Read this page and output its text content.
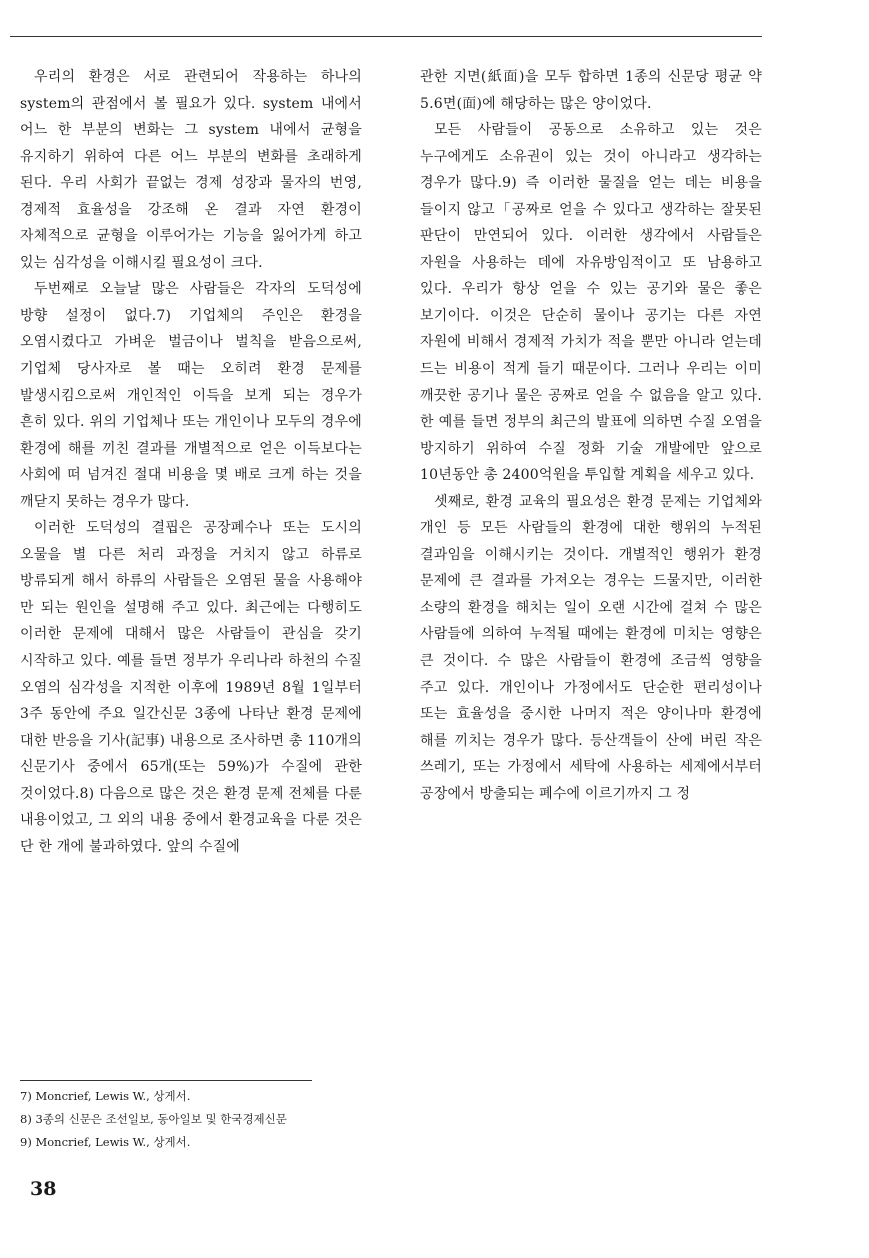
우리의 환경은 서로 관련되어 작용하는 하나의 system의 관점에서 볼 필요가 있다. system 내에서 어느 한 부분의 변화는 그 system 내에서 균형을 유지하기 위하여 다른 어느 부분의 변화를 초래하게 된다. 우리 사회가 끝없는 경제 성장과 물자의 번영, 경제적 효율성을 강조해 온 결과 자연 환경이 자체적으로 균형을 이루어가는 기능을 잃어가게 하고 있는 심각성을 이해시킬 필요성이 크다.

두번째로 오늘날 많은 사람들은 각자의 도덕성에 방향 설정이 없다.7) 기업체의 주인은 환경을 오염시켰다고 가벼운 벌금이나 벌칙을 받음으로써, 기업체 당사자로 볼 때는 오히려 환경 문제를 발생시킴으로써 개인적인 이득을 보게 되는 경우가 흔히 있다. 위의 기업체나 또는 개인이나 모두의 경우에 환경에 해를 끼친 결과를 개별적으로 얻은 이득보다는 사회에 떠 넘겨진 절대 비용을 몇 배로 크게 하는 것을 깨닫지 못하는 경우가 많다.

이러한 도덕성의 결핍은 공장폐수나 또는 도시의 오물을 별 다른 처리 과정을 거치지 않고 하류로 방류되게 해서 하류의 사람들은 오염된 물을 사용해야 만 되는 원인을 설명해 주고 있다. 최근에는 다행히도 이러한 문제에 대해서 많은 사람들이 관심을 갖기 시작하고 있다. 예를 들면 정부가 우리나라 하천의 수질 오염의 심각성을 지적한 이후에 1989년 8월 1일부터 3주 동안에 주요 일간신문 3종에 나타난 환경 문제에 대한 반응을 기사(記事) 내용으로 조사하면 총 110개의 신문기사 중에서 65개(또는 59%)가 수질에 관한 것이었다.8) 다음으로 많은 것은 환경 문제 전체를 다룬 내용이었고, 그 외의 내용 중에서 환경교육을 다룬 것은 단 한 개에 불과하였다. 앞의 수질에

관한 지면(紙面)을 모두 합하면 1종의 신문당 평균 약 5.6면(面)에 해당하는 많은 양이었다.

모든 사람들이 공동으로 소유하고 있는 것은 누구에게도 소유권이 있는 것이 아니라고 생각하는 경우가 많다.9) 즉 이러한 물질을 얻는 데는 비용을 들이지 않고「공짜로 얻을 수 있다고 생각하는 잘못된 판단이 만연되어 있다. 이러한 생각에서 사람들은 자원을 사용하는 데에 자유방임적이고 또 남용하고 있다. 우리가 항상 얻을 수 있는 공기와 물은 좋은 보기이다. 이것은 단순히 물이나 공기는 다른 자연 자원에 비해서 경제적 가치가 적을 뿐만 아니라 얻는데 드는 비용이 적게 들기 때문이다. 그러나 우리는 이미 깨끗한 공기나 물은 공짜로 얻을 수 없음을 알고 있다. 한 예를 들면 정부의 최근의 발표에 의하면 수질 오염을 방지하기 위하여 수질 정화 기술 개발에만 앞으로 10년동안 총 2400억원을 투입할 계획을 세우고 있다.

셋째로, 환경 교육의 필요성은 환경 문제는 기업체와 개인 등 모든 사람들의 환경에 대한 행위의 누적된 결과임을 이해시키는 것이다. 개별적인 행위가 환경 문제에 큰 결과를 가져오는 경우는 드물지만, 이러한 소량의 환경을 해치는 일이 오랜 시간에 걸쳐 수 많은 사람들에 의하여 누적될 때에는 환경에 미치는 영향은 큰 것이다. 수 많은 사람들이 환경에 조금씩 영향을 주고 있다. 개인이나 가정에서도 단순한 편리성이나 또는 효율성을 중시한 나머지 적은 양이나마 환경에 해를 끼치는 경우가 많다. 등산객들이 산에 버린 작은 쓰레기, 또는 가정에서 세탁에 사용하는 세제에서부터 공장에서 방출되는 폐수에 이르기까지 그 정

7) Moncrief, Lewis W., 상게서.

8) 3종의 신문은 조선일보, 동아일보 및 한국경제신문

9) Moncrief, Lewis W., 상게서.

38
